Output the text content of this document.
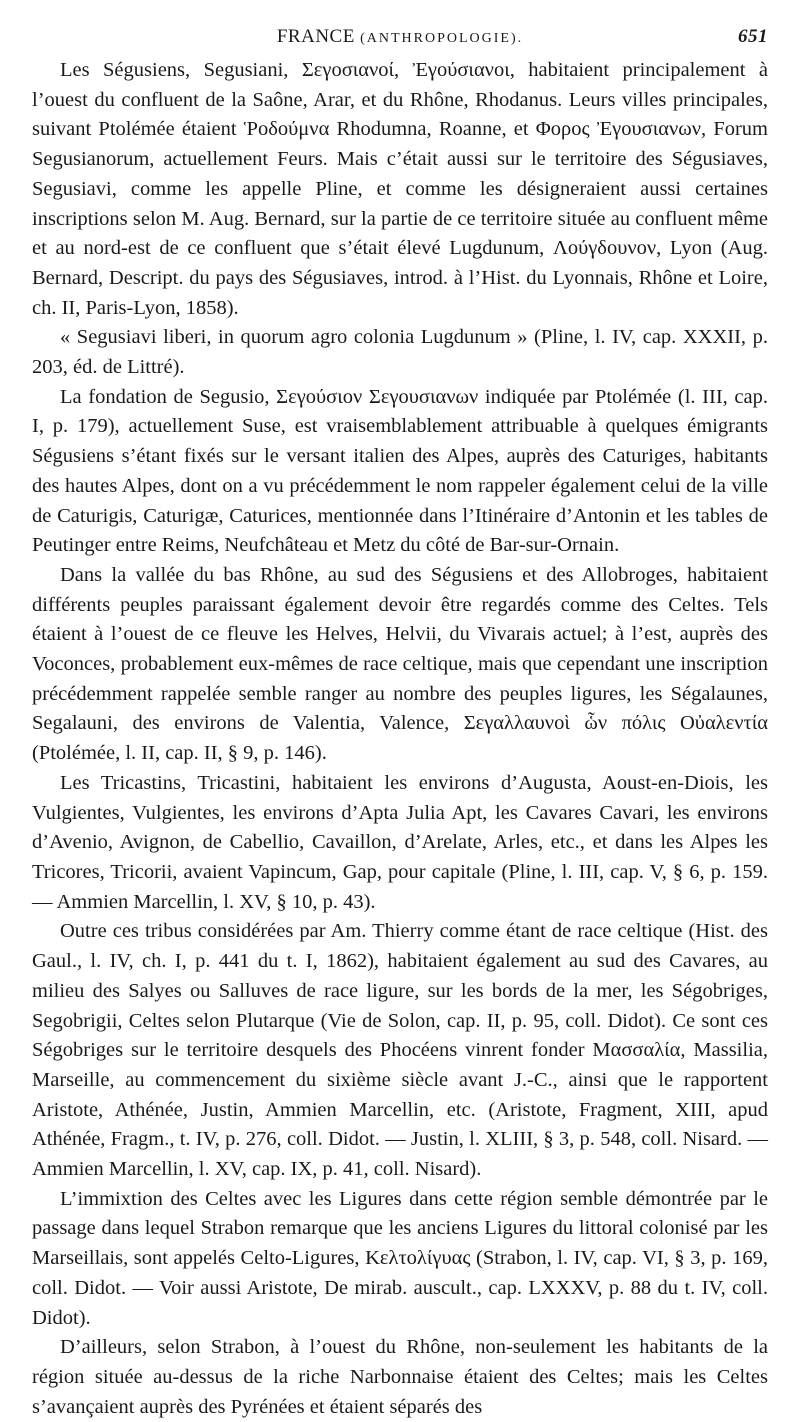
FRANCE (ANTHROPOLOGIE).	651

Les Ségusiens, Segusiani, Σεγοσιανοί, Ἐγούσιανοι, habitaient principalement à l’ouest du confluent de la Saône, Arar, et du Rhône, Rhodanus. Leurs villes principales, suivant Ptolémée étaient Ῥοδούμνα Rhodumna, Roanne, et Φορος Ἐγουσιανων, Forum Segusianorum, actuellement Feurs. Mais c’était aussi sur le territoire des Ségusiaves, Segusiavi, comme les appelle Pline, et comme les désigneraient aussi certaines inscriptions selon M. Aug. Bernard, sur la partie de ce territoire située au confluent même et au nord-est de ce confluent que s’était élevé Lugdunum, Λούγδουνον, Lyon (Aug. Bernard, Descript. du pays des Ségusiaves, introd. à l’Hist. du Lyonnais, Rhône et Loire, ch. II, Paris-Lyon, 1858).

« Segusiavi liberi, in quorum agro colonia Lugdunum » (Pline, l. IV, cap. XXXII, p. 203, éd. de Littré).

La fondation de Segusio, Σεγούσιον Σεγουσιανων indiquée par Ptolémée (l. III, cap. I, p. 179), actuellement Suse, est vraisemblablement attribuable à quelques émigrants Ségusiens s’étant fixés sur le versant italien des Alpes, auprès des Caturiges, habitants des hautes Alpes, dont on a vu précédemment le nom rappeler également celui de la ville de Caturigis, Caturigæ, Caturices, mentionnée dans l’Itinéraire d’Antonin et les tables de Peutinger entre Reims, Neufchâteau et Metz du côté de Bar-sur-Ornain.

Dans la vallée du bas Rhône, au sud des Ségusiens et des Allobroges, habitaient différents peuples paraissant également devoir être regardés comme des Celtes. Tels étaient à l’ouest de ce fleuve les Helves, Helvii, du Vivarais actuel; à l’est, auprès des Voconces, probablement eux-mêmes de race celtique, mais que cependant une inscription précédemment rappelée semble ranger au nombre des peuples ligures, les Ségalaunes, Segalauni, des environs de Valentia, Valence, Σεγαλλαυνοὶ ὧν πόλις Οὐαλεντία (Ptolémée, l. II, cap. II, § 9, p. 146).

Les Tricastins, Tricastini, habitaient les environs d’Augusta, Aoust-en-Diois, les Vulgientes, Vulgientes, les environs d’Apta Julia Apt, les Cavares Cavari, les environs d’Avenio, Avignon, de Cabellio, Cavaillon, d’Arelate, Arles, etc., et dans les Alpes les Tricores, Tricorii, avaient Vapincum, Gap, pour capitale (Pline, l. III, cap. V, § 6, p. 159. — Ammien Marcellin, l. XV, § 10, p. 43).

Outre ces tribus considérées par Am. Thierry comme étant de race celtique (Hist. des Gaul., l. IV, ch. I, p. 441 du t. I, 1862), habitaient également au sud des Cavares, au milieu des Salyes ou Salluves de race ligure, sur les bords de la mer, les Ségobriges, Segobrigii, Celtes selon Plutarque (Vie de Solon, cap. II, p. 95, coll. Didot). Ce sont ces Ségobriges sur le territoire desquels des Phocéens vinrent fonder Μασσαλία, Massilia, Marseille, au commencement du sixième siècle avant J.-C., ainsi que le rapportent Aristote, Athénée, Justin, Ammien Marcellin, etc. (Aristote, Fragment, XIII, apud Athénée, Fragm., t. IV, p. 276, coll. Didot. — Justin, l. XLIII, § 3, p. 548, coll. Nisard. — Ammien Marcellin, l. XV, cap. IX, p. 41, coll. Nisard).

L’immixtion des Celtes avec les Ligures dans cette région semble démontrée par le passage dans lequel Strabon remarque que les anciens Ligures du littoral colonisé par les Marseillais, sont appelés Celto-Ligures, Κελτολίγυας (Strabon, l. IV, cap. VI, § 3, p. 169, coll. Didot. — Voir aussi Aristote, De mirab. auscult., cap. LXXXV, p. 88 du t. IV, coll. Didot).

D’ailleurs, selon Strabon, à l’ouest du Rhône, non-seulement les habitants de la région située au-dessus de la riche Narbonnaise étaient des Celtes; mais les Celtes s’avançaient auprès des Pyrénées et étaient séparés des
